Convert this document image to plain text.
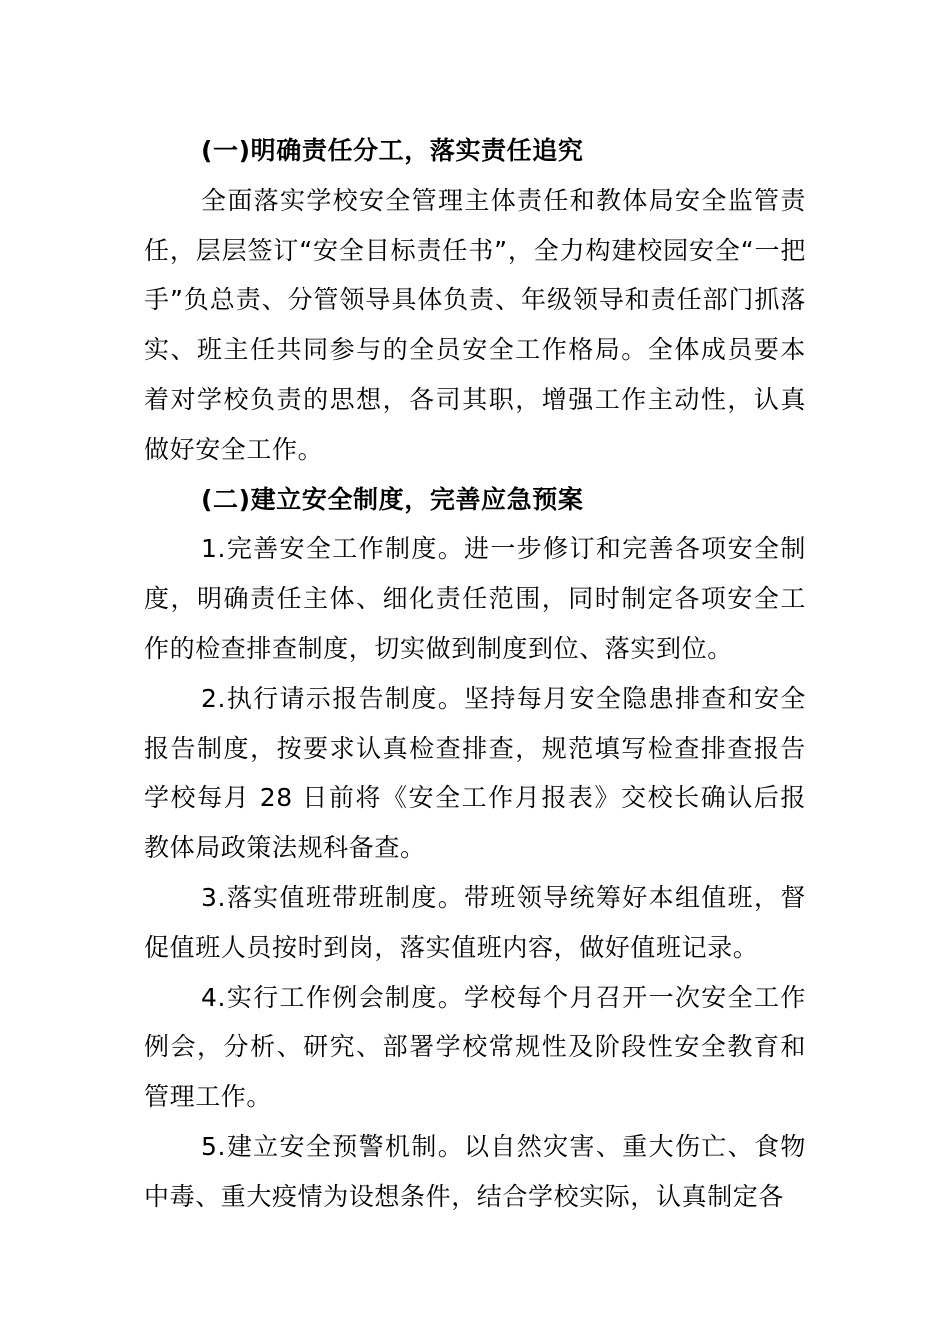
(一)明确责任分工，落实责任追究

全面落实学校安全管理主体责任和教体局安全监管责任，层层签订“安全目标责任书”，全力构建校园安全“一把手”负总责、分管领导具体负责、年级领导和责任部门抓落实、班主任共同参与的全员安全工作格局。全体成员要本着对学校负责的思想，各司其职，增强工作主动性，认真做好安全工作。

(二)建立安全制度，完善应急预案

1.完善安全工作制度。进一步修订和完善各项安全制度，明确责任主体、细化责任范围，同时制定各项安全工作的检查排查制度，切实做到制度到位、落实到位。

2.执行请示报告制度。坚持每月安全隐患排查和安全报告制度，按要求认真检查排查，规范填写检查排查报告学校每月 28 日前将《安全工作月报表》交校长确认后报教体局政策法规科备查。

3.落实值班带班制度。带班领导统筹好本组值班，督促值班人员按时到岗，落实值班内容，做好值班记录。

4.实行工作例会制度。学校每个月召开一次安全工作例会，分析、研究、部署学校常规性及阶段性安全教育和管理工作。

5.建立安全预警机制。以自然灾害、重大伤亡、食物中毒、重大疫情为设想条件，结合学校实际，认真制定各
